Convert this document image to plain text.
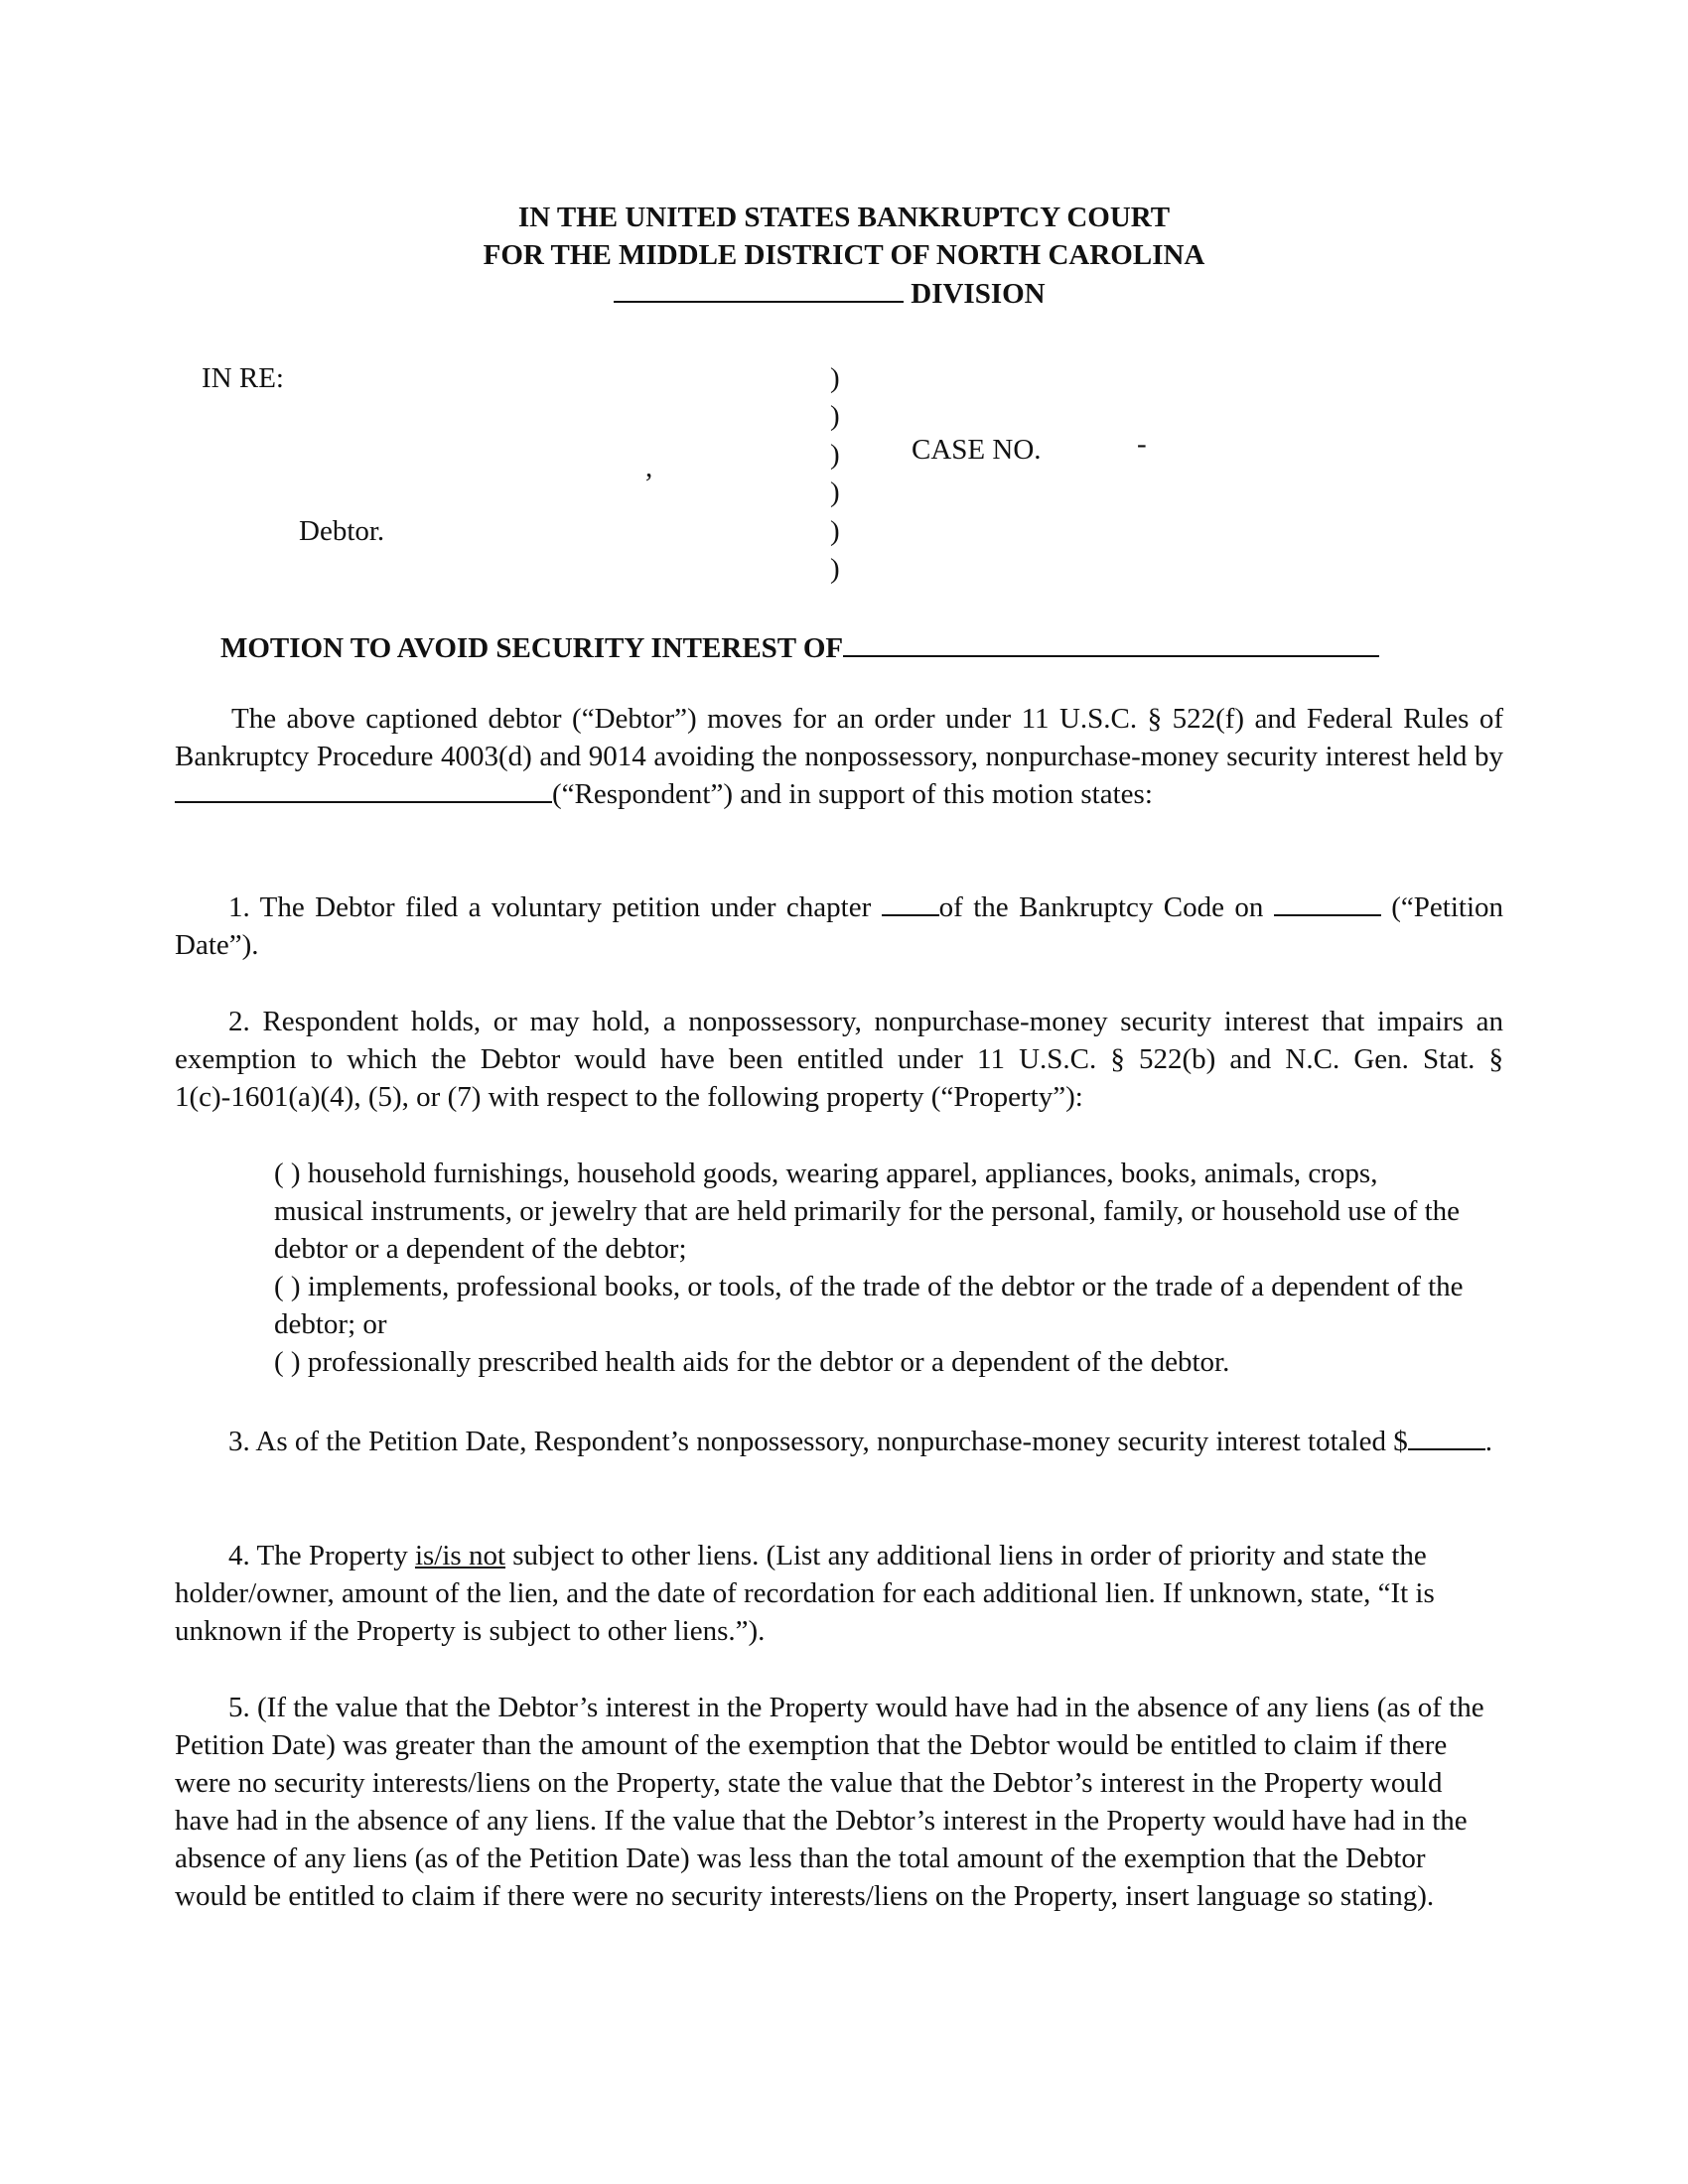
IN THE UNITED STATES BANKRUPTCY COURT
FOR THE MIDDLE DISTRICT OF NORTH CAROLINA
DIVISION
IN RE:
,
Debtor.
)
)
)
)
)
)
CASE NO.	-
MOTION TO AVOID SECURITY INTEREST OF
The above captioned debtor (“Debtor”) moves for an order under 11 U.S.C. § 522(f) and Federal Rules of Bankruptcy Procedure 4003(d) and 9014 avoiding the nonpossessory, nonpurchase-money security interest held by (“Respondent”) and in support of this motion states:
1. The Debtor filed a voluntary petition under chapter of the Bankruptcy Code on	(“Petition Date”).
2. Respondent holds, or may hold, a nonpossessory, nonpurchase-money security interest that impairs an exemption to which the Debtor would have been entitled under 11 U.S.C. § 522(b) and N.C. Gen. Stat. § 1(c)-1601(a)(4), (5), or (7) with respect to the following property (“Property”):
( ) household furnishings, household goods, wearing apparel, appliances, books, animals, crops, musical instruments, or jewelry that are held primarily for the personal, family, or household use of the debtor or a dependent of the debtor;
( ) implements, professional books, or tools, of the trade of the debtor or the trade of a dependent of the debtor; or
( ) professionally prescribed health aids for the debtor or a dependent of the debtor.
3. As of the Petition Date, Respondent’s nonpossessory, nonpurchase-money security interest totaled $	.
4. The Property is/is not subject to other liens. (List any additional liens in order of priority and state the holder/owner, amount of the lien, and the date of recordation for each additional lien. If unknown, state, “It is unknown if the Property is subject to other liens.”).
5. (If the value that the Debtor’s interest in the Property would have had in the absence of any liens (as of the Petition Date) was greater than the amount of the exemption that the Debtor would be entitled to claim if there were no security interests/liens on the Property, state the value that the Debtor’s interest in the Property would have had in the absence of any liens. If the value that the Debtor’s interest in the Property would have had in the absence of any liens (as of the Petition Date) was less than the total amount of the exemption that the Debtor would be entitled to claim if there were no security interests/liens on the Property, insert language so stating).
